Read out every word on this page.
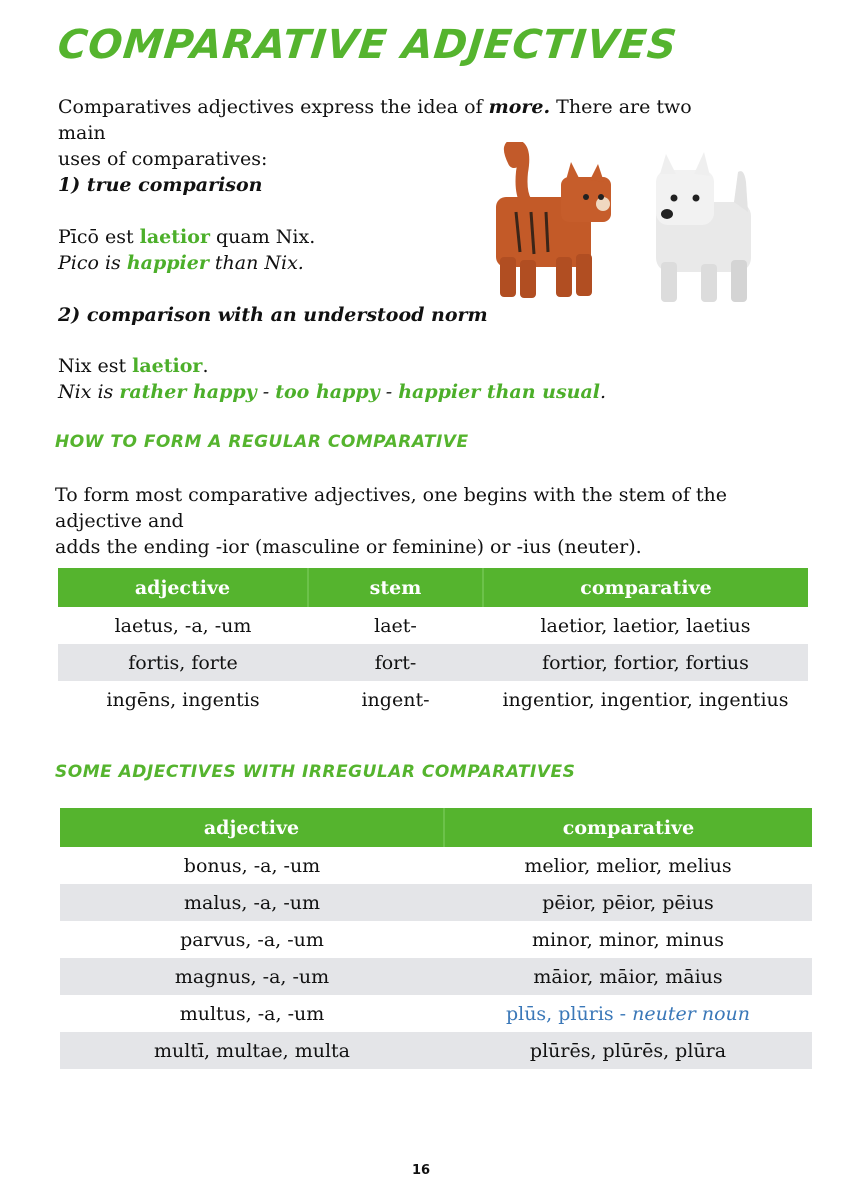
COMPARATIVE ADJECTIVES
Comparatives adjectives express the idea of more. There are two main
uses of comparatives:
1) true comparison
Pīcō est laetior quam Nix.
Pico is happier than Nix.
2) comparison with an understood norm
Nix est laetior.
Nix is rather happy - too happy - happier than usual.
HOW TO FORM A REGULAR COMPARATIVE
To form most comparative adjectives, one begins with the stem of the adjective and
adds the ending -ior (masculine or feminine) or -ius (neuter).
adjective	stem	comparative
laetus, -a, -um	laet-	laetior, laetior, laetius
fortis, forte	fort-	fortior, fortior, fortius
ingēns, ingentis	ingent-	ingentior, ingentior, ingentius
SOME ADJECTIVES WITH IRREGULAR COMPARATIVES
adjective	comparative
bonus, -a, -um	melior, melior, melius
malus, -a, -um	pēior, pēior, pēius
parvus, -a, -um	minor, minor, minus
magnus, -a, -um	māior, māior, māius
multus, -a, -um	plūs, plūris - neuter noun
multī, multae, multa	plūrēs, plūrēs, plūra
16
